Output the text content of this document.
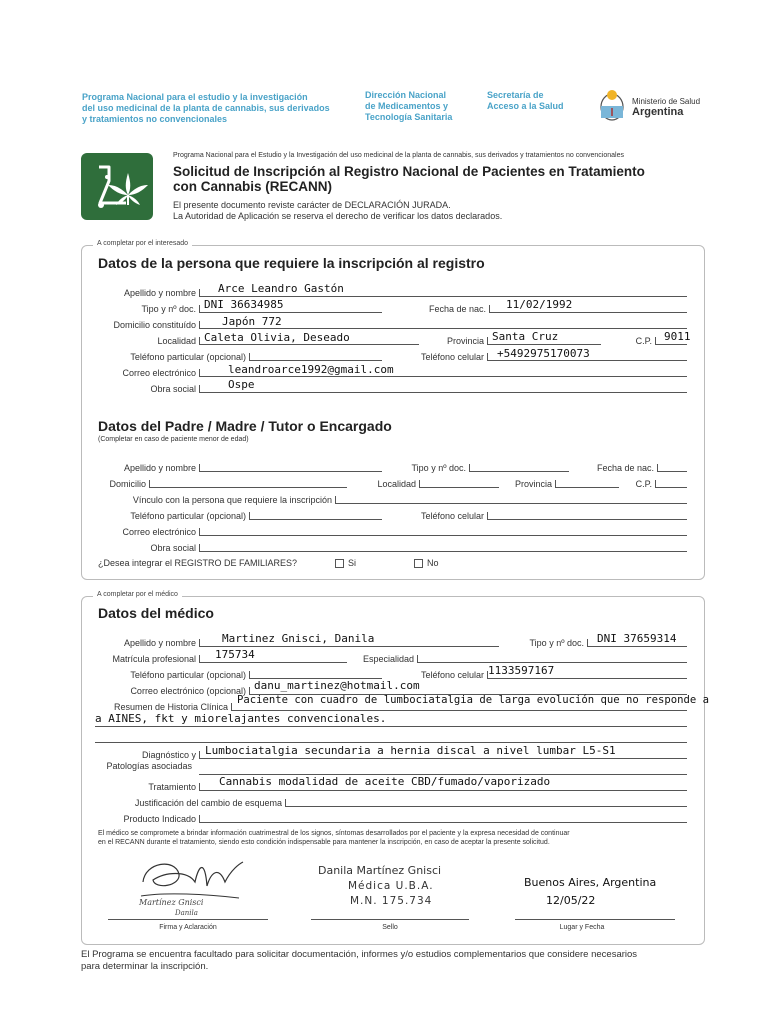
Programa Nacional para el estudio y la investigación
del uso medicinal de la planta de cannabis, sus derivados
y tratamientos no convencionales
Dirección Nacional
de Medicamentos y
Tecnología Sanitaria
Secretaría de
Acceso a la Salud	Ministerio de Salud
Argentina
Programa Nacional para el Estudio y la Investigación del uso medicinal de la planta de cannabis, sus derivados y tratamientos no convencionales
Solicitud de Inscripción al Registro Nacional de Pacientes en Tratamiento
con Cannabis (RECANN)
El presente documento reviste carácter de DECLARACIÓN JURADA.
La Autoridad de Aplicación se reserva el derecho de verificar los datos declarados.
A completar por el interesado
Datos de la persona que requiere la inscripción al registro
Apellido y nombre Arce Leandro Gastón
Tipo y nº doc. DNI 36634985	Fecha de nac. 11/02/1992
Domicilio constituído Japón 772
Localidad Caleta Olivia, Deseado	Provincia Santa Cruz	C.P. 9011
Teléfono particular (opcional)	Teléfono celular +5492975170073
Correo electrónico	leandroarce1992@gmail.com
Obra social	Ospe
Datos del Padre / Madre / Tutor o Encargado
(Completar en caso de paciente menor de edad)
Apellido y nombre	Tipo y nº doc.	Fecha de nac.
Domicilio	Localidad	Provincia	C.P.
Vínculo con la persona que requiere la inscripción
Teléfono particular (opcional)	Teléfono celular
Correo electrónico
Obra social
¿Desea integrar el REGISTRO DE FAMILIARES?	Si	No
A completar por el médico
Datos del médico
Apellido y nombre Martinez Gnisci, Danila	Tipo y nº doc. DNI 37659314
Matrícula profesional 175734	Especialidad
Teléfono particular (opcional)	Teléfono celular 1133597167
Correo electrónico (opcional) danu_martinez@hotmail.com
Resumen de Historia Clínica
Paciente con cuadro de lumbociatalgia de larga evolución que no responde a
a AINES, fkt y miorelajantes convencionales.
Diagnóstico y
Patologías asociadas
Lumbociatalgia secundaria a hernia discal a nivel lumbar L5-S1
Tratamiento Cannabis modalidad de aceite CBD/fumado/vaporizado
Justificación del cambio de esquema
Producto Indicado
El médico se compromete a brindar información cuatrimestral de los signos, síntomas desarrollados por el paciente y la expresa necesidad de continuar
en el RECANN durante el tratamiento, siendo esto condición indispensable para mantener la inscripción, en caso de aceptar la presente solicitud.
Martínez Gnisci
Danila
Danila Martínez Gnisci
Médica U.B.A.
M.N. 175.734
Buenos Aires, Argentina
12/05/22
Firma y Aclaración	Sello	Lugar y Fecha
El Programa se encuentra facultado para solicitar documentación, informes y/o estudios complementarios que considere necesarios
para determinar la inscripción.
